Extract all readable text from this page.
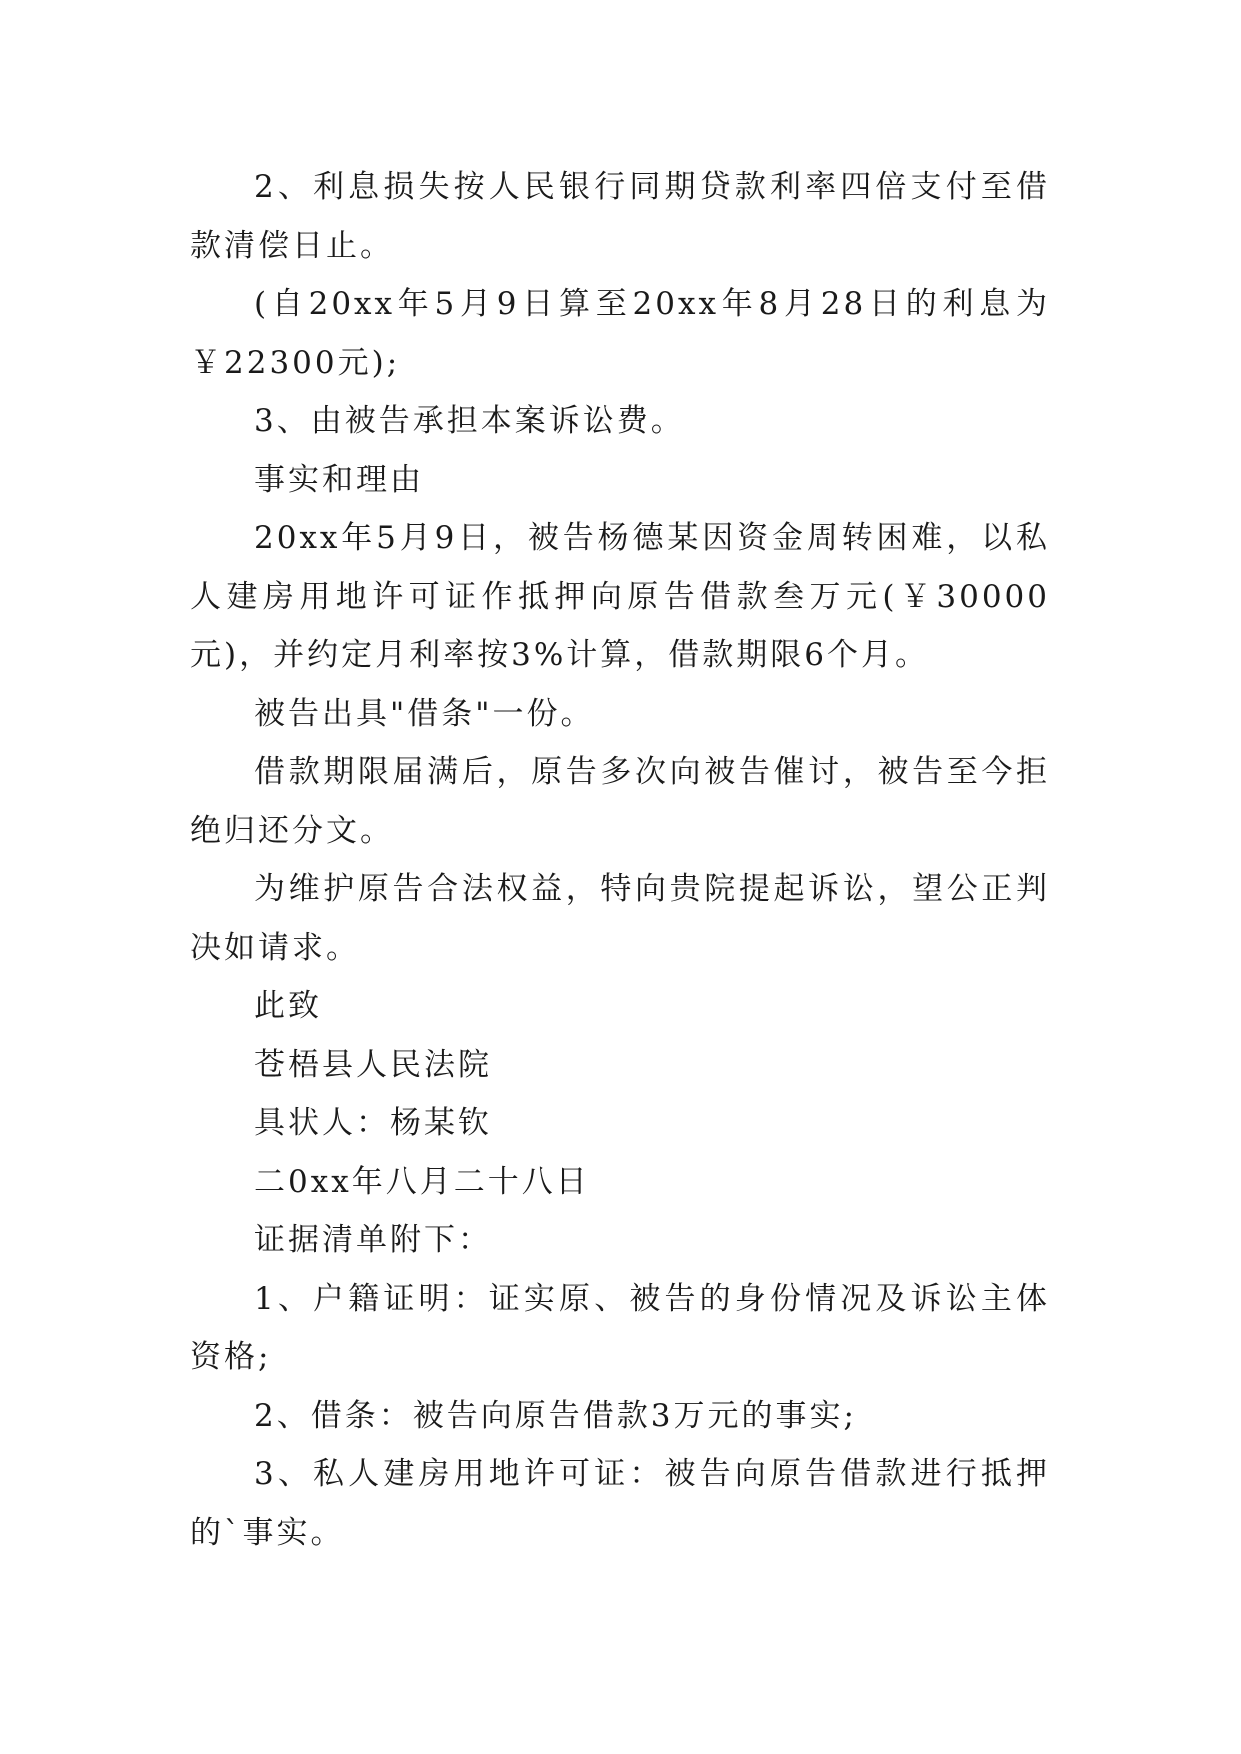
2、利息损失按人民银行同期贷款利率四倍支付至借款清偿日止。

(自20xx年5月9日算至20xx年8月28日的利息为￥22300元);

3、由被告承担本案诉讼费。

事实和理由

20xx年5月9日，被告杨德某因资金周转困难，以私人建房用地许可证作抵押向原告借款叁万元(￥30000元)，并约定月利率按3%计算，借款期限6个月。

被告出具"借条"一份。

借款期限届满后，原告多次向被告催讨，被告至今拒绝归还分文。

为维护原告合法权益，特向贵院提起诉讼，望公正判决如请求。

此致

苍梧县人民法院

具状人：杨某钦

二0xx年八月二十八日

证据清单附下：

1、户籍证明：证实原、被告的身份情况及诉讼主体资格;

2、借条：被告向原告借款3万元的事实;

3、私人建房用地许可证：被告向原告借款进行抵押的`事实。
